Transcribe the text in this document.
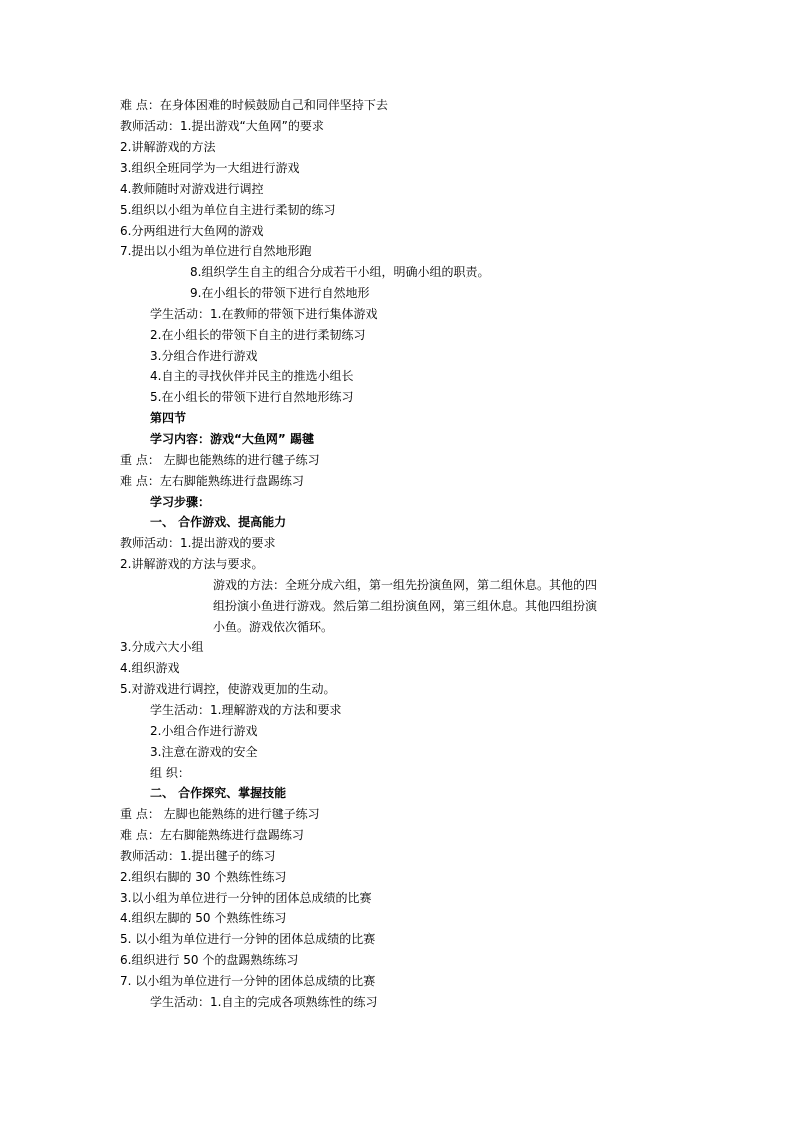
难 点：在身体困难的时候鼓励自己和同伴坚持下去
教师活动：1.提出游戏“大鱼网”的要求
2.讲解游戏的方法
3.组织全班同学为一大组进行游戏
4.教师随时对游戏进行调控
5.组织以小组为单位自主进行柔韧的练习
6.分两组进行大鱼网的游戏
7.提出以小组为单位进行自然地形跑
8.组织学生自主的组合分成若干小组，明确小组的职责。
9.在小组长的带领下进行自然地形
学生活动：1.在教师的带领下进行集体游戏
2.在小组长的带领下自主的进行柔韧练习
3.分组合作进行游戏
4.自主的寻找伙伴并民主的推选小组长
5.在小组长的带领下进行自然地形练习
第四节
学习内容：游戏“大鱼网” 踢毽
重 点： 左脚也能熟练的进行毽子练习
难 点：左右脚能熟练进行盘踢练习
学习步骤：
一、 合作游戏、提高能力
教师活动：1.提出游戏的要求
2.讲解游戏的方法与要求。
游戏的方法：全班分成六组，第一组先扮演鱼网，第二组休息。其他的四
组扮演小鱼进行游戏。然后第二组扮演鱼网，第三组休息。其他四组扮演
小鱼。游戏依次循环。
3.分成六大小组
4.组织游戏
5.对游戏进行调控，使游戏更加的生动。
学生活动：1.理解游戏的方法和要求
2.小组合作进行游戏
3.注意在游戏的安全
组 织：
二、 合作探究、掌握技能
重 点： 左脚也能熟练的进行毽子练习
难 点：左右脚能熟练进行盘踢练习
教师活动：1.提出毽子的练习
2.组织右脚的 30 个熟练性练习
3.以小组为单位进行一分钟的团体总成绩的比赛
4.组织左脚的 50 个熟练性练习
5. 以小组为单位进行一分钟的团体总成绩的比赛
6.组织进行 50 个的盘踢熟练练习
7. 以小组为单位进行一分钟的团体总成绩的比赛
学生活动：1.自主的完成各项熟练性的练习
